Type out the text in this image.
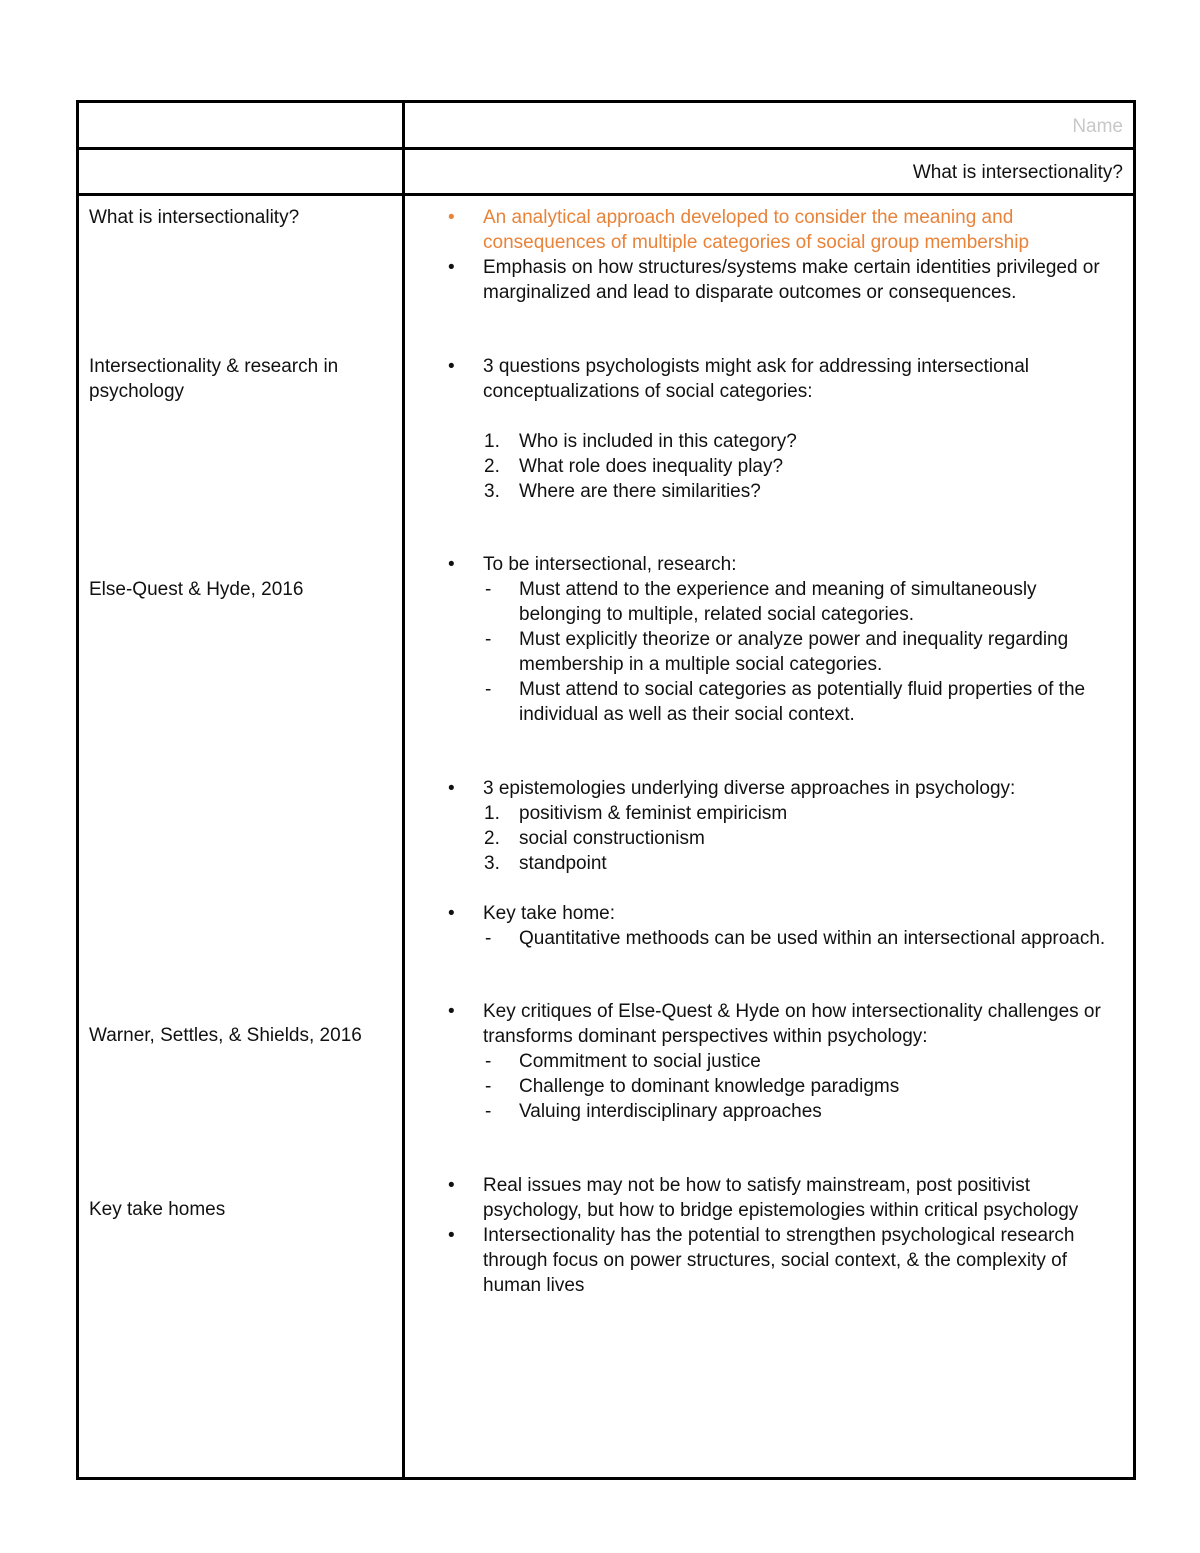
Name
What is intersectionality?
What is intersectionality?
Intersectionality & research in psychology
Else-Quest & Hyde, 2016
Warner, Settles, & Shields, 2016
Key take homes
An analytical approach developed to consider the meaning and consequences of multiple categories of social group membership
Emphasis on how structures/systems make certain identities privileged or marginalized and lead to disparate outcomes or consequences.
3 questions psychologists might ask for addressing intersectional conceptualizations of social categories:
1. Who is included in this category?
2. What role does inequality play?
3. Where are there similarities?
To be intersectional, research:
Must attend to the experience and meaning of simultaneously belonging to multiple, related social categories.
Must explicitly theorize or analyze power and inequality regarding membership in a multiple social categories.
Must attend to social categories as potentially fluid properties of the individual as well as their social context.
3 epistemologies underlying diverse approaches in psychology:
1. positivism & feminist empiricism
2. social constructionism
3. standpoint
Key take home:
Quantitative methoods can be used within an intersectional approach.
Key critiques of Else-Quest & Hyde on how intersectionality challenges or transforms dominant perspectives within psychology:
Commitment to social justice
Challenge to dominant knowledge paradigms
Valuing interdisciplinary approaches
Real issues may not be how to satisfy mainstream, post positivist psychology, but how to bridge epistemologies within critical psychology
Intersectionality has the potential to strengthen psychological research through focus on power structures, social context, & the complexity of human lives
